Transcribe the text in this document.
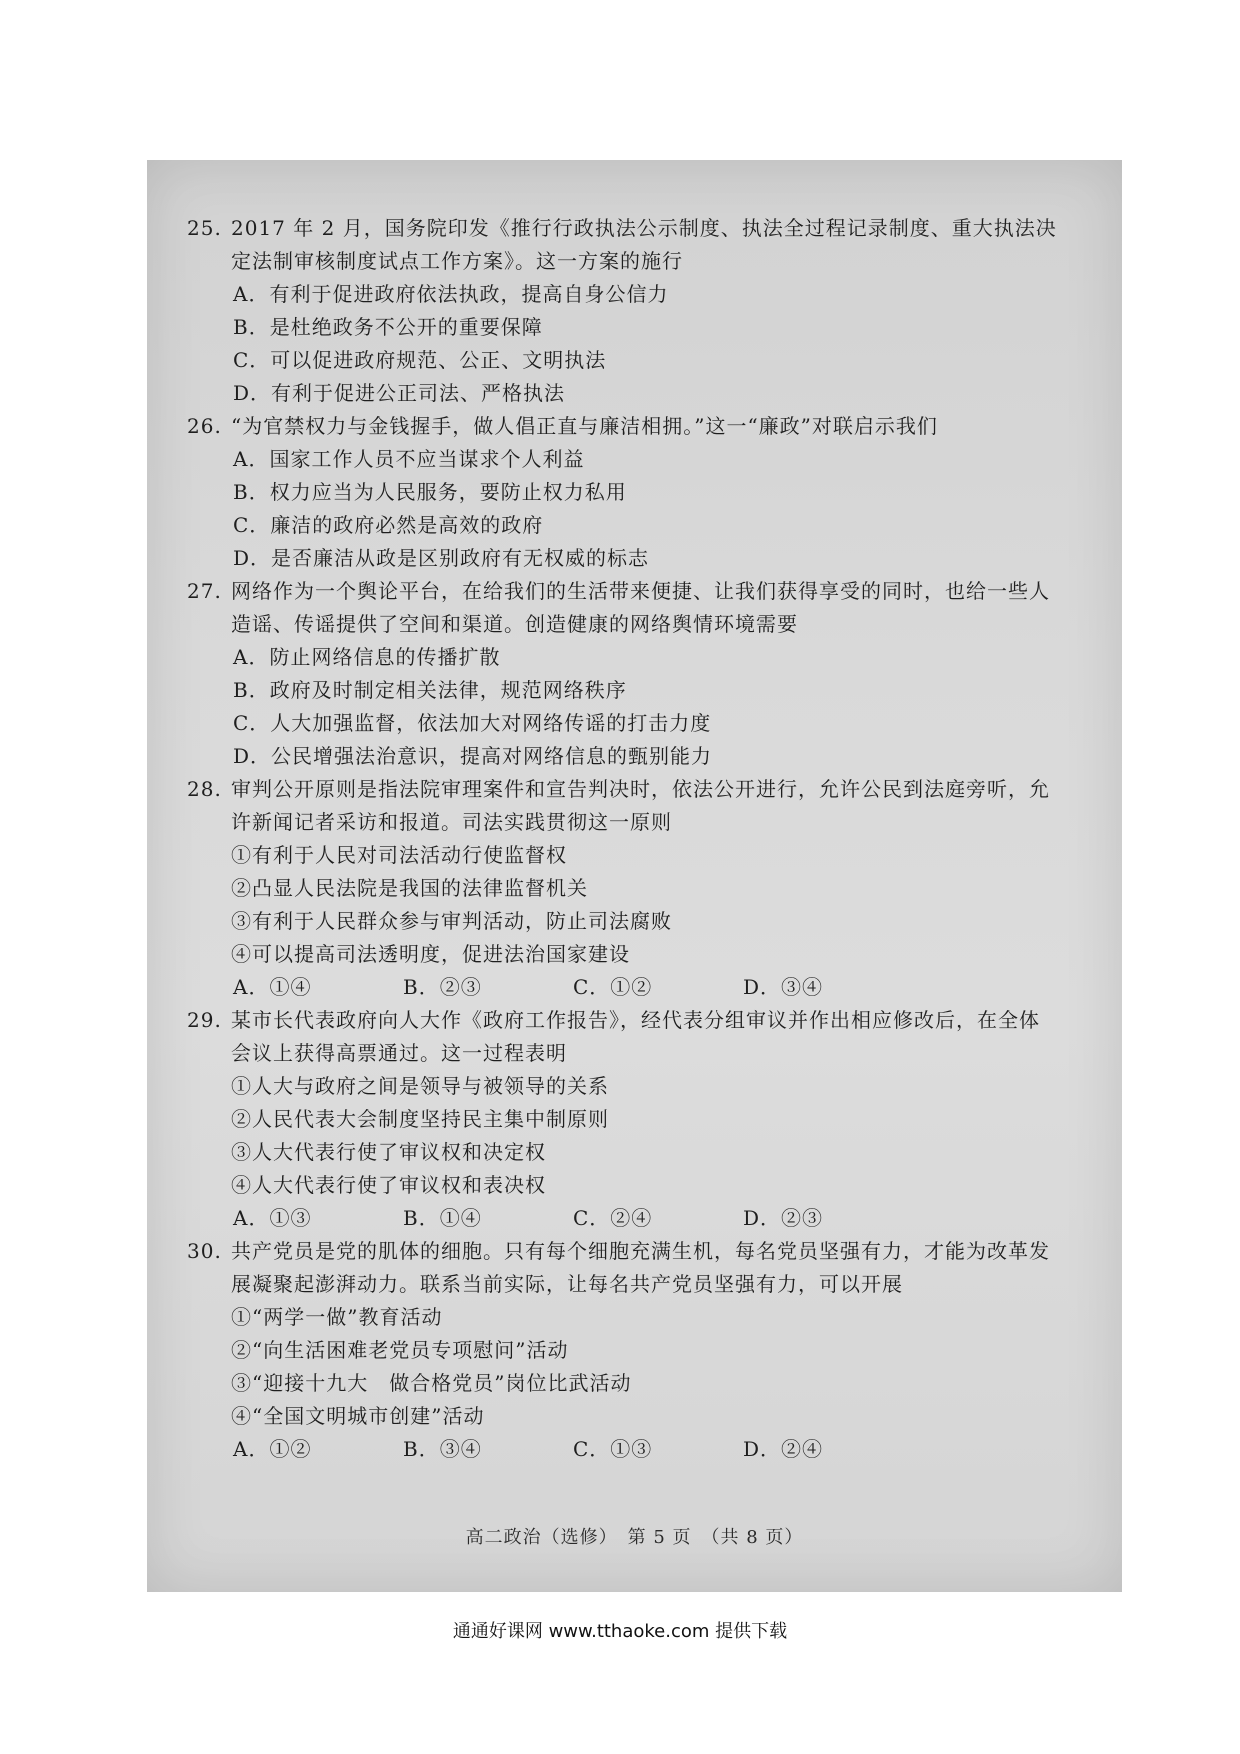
25. 2017 年 2 月，国务院印发《推行行政执法公示制度、执法全过程记录制度、重大执法决
定法制审核制度试点工作方案》。这一方案的施行
A．有利于促进政府依法执政，提高自身公信力
B．是杜绝政务不公开的重要保障
C．可以促进政府规范、公正、文明执法
D．有利于促进公正司法、严格执法
26. “为官禁权力与金钱握手，做人倡正直与廉洁相拥。”这一“廉政”对联启示我们
A．国家工作人员不应当谋求个人利益
B．权力应当为人民服务，要防止权力私用
C．廉洁的政府必然是高效的政府
D．是否廉洁从政是区别政府有无权威的标志
27. 网络作为一个舆论平台，在给我们的生活带来便捷、让我们获得享受的同时，也给一些人
造谣、传谣提供了空间和渠道。创造健康的网络舆情环境需要
A．防止网络信息的传播扩散
B．政府及时制定相关法律，规范网络秩序
C．人大加强监督，依法加大对网络传谣的打击力度
D．公民增强法治意识，提高对网络信息的甄别能力
28. 审判公开原则是指法院审理案件和宣告判决时，依法公开进行，允许公民到法庭旁听，允
许新闻记者采访和报道。司法实践贯彻这一原则
①有利于人民对司法活动行使监督权
②凸显人民法院是我国的法律监督机关
③有利于人民群众参与审判活动，防止司法腐败
④可以提高司法透明度，促进法治国家建设
A．①④	B．②③	C．①②	D．③④
29. 某市长代表政府向人大作《政府工作报告》，经代表分组审议并作出相应修改后，在全体
会议上获得高票通过。这一过程表明
①人大与政府之间是领导与被领导的关系
②人民代表大会制度坚持民主集中制原则
③人大代表行使了审议权和决定权
④人大代表行使了审议权和表决权
A．①③	B．①④	C．②④	D．②③
30. 共产党员是党的肌体的细胞。只有每个细胞充满生机，每名党员坚强有力，才能为改革发
展凝聚起澎湃动力。联系当前实际，让每名共产党员坚强有力，可以开展
①“两学一做”教育活动
②“向生活困难老党员专项慰问”活动
③“迎接十九大　做合格党员”岗位比武活动
④“全国文明城市创建”活动
A．①②	B．③④	C．①③	D．②④
高二政治（选修）　第 5 页　（共 8 页）
通通好课网 www.tthaoke.com 提供下载
